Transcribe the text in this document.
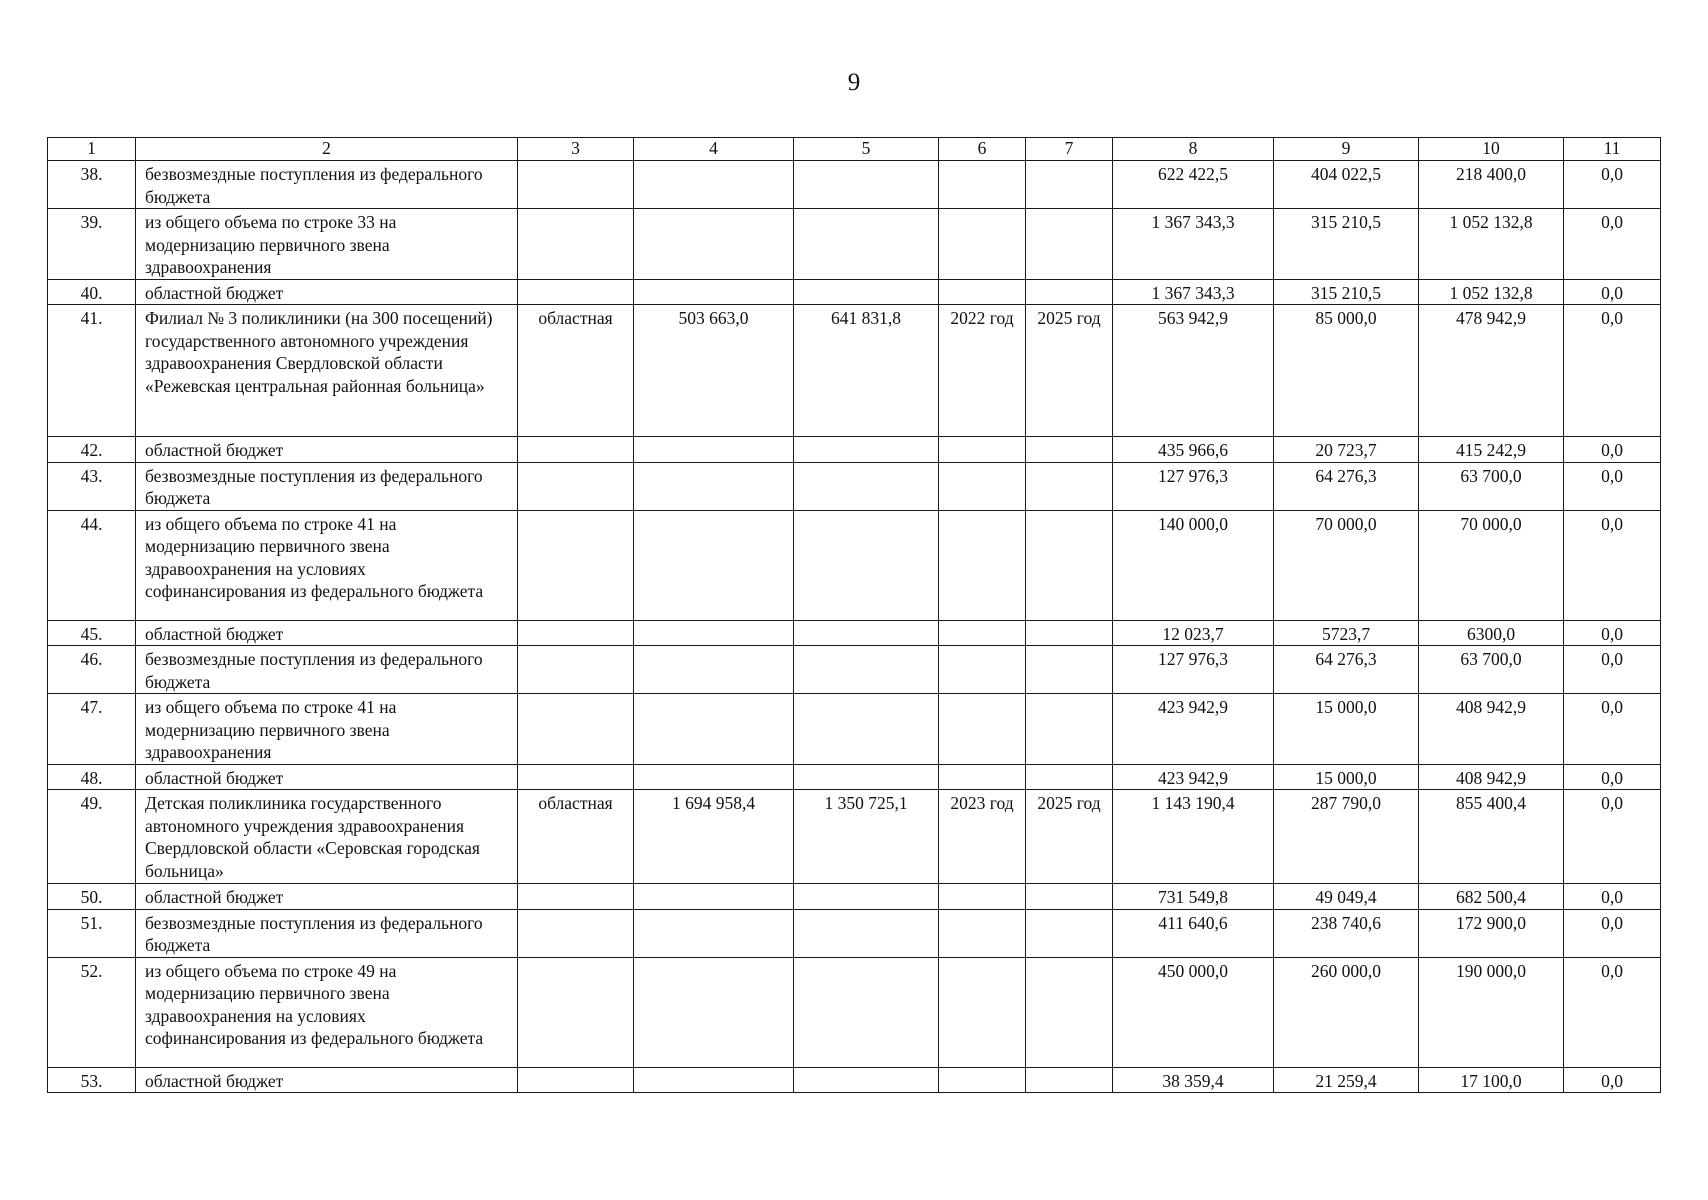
9
1	2	3	4	5	6	7	8	9	10	11
38.	безвозмездные поступления из федерального бюджета						622 422,5	404 022,5	218 400,0	0,0
39.	из общего объема по строке 33 на модернизацию первичного звена здравоохранения						1 367 343,3	315 210,5	1 052 132,8	0,0
40.	областной бюджет						1 367 343,3	315 210,5	1 052 132,8	0,0
41.	Филиал № 3 поликлиники (на 300 посещений) государственного автономного учреждения здравоохранения Свердловской области «Режевская центральная районная больница»	областная	503 663,0	641 831,8	2022 год	2025 год	563 942,9	85 000,0	478 942,9	0,0
42.	областной бюджет						435 966,6	20 723,7	415 242,9	0,0
43.	безвозмездные поступления из федерального бюджета						127 976,3	64 276,3	63 700,0	0,0
44.	из общего объема по строке 41 на модернизацию первичного звена здравоохранения на условиях софинансирования из федерального бюджета						140 000,0	70 000,0	70 000,0	0,0
45.	областной бюджет						12 023,7	5723,7	6300,0	0,0
46.	безвозмездные поступления из федерального бюджета						127 976,3	64 276,3	63 700,0	0,0
47.	из общего объема по строке 41 на модернизацию первичного звена здравоохранения						423 942,9	15 000,0	408 942,9	0,0
48.	областной бюджет						423 942,9	15 000,0	408 942,9	0,0
49.	Детская поликлиника государственного автономного учреждения здравоохранения Свердловской области «Серовская городская больница»	областная	1 694 958,4	1 350 725,1	2023 год	2025 год	1 143 190,4	287 790,0	855 400,4	0,0
50.	областной бюджет						731 549,8	49 049,4	682 500,4	0,0
51.	безвозмездные поступления из федерального бюджета						411 640,6	238 740,6	172 900,0	0,0
52.	из общего объема по строке 49 на модернизацию первичного звена здравоохранения на условиях софинансирования из федерального бюджета						450 000,0	260 000,0	190 000,0	0,0
53.	областной бюджет						38 359,4	21 259,4	17 100,0	0,0
